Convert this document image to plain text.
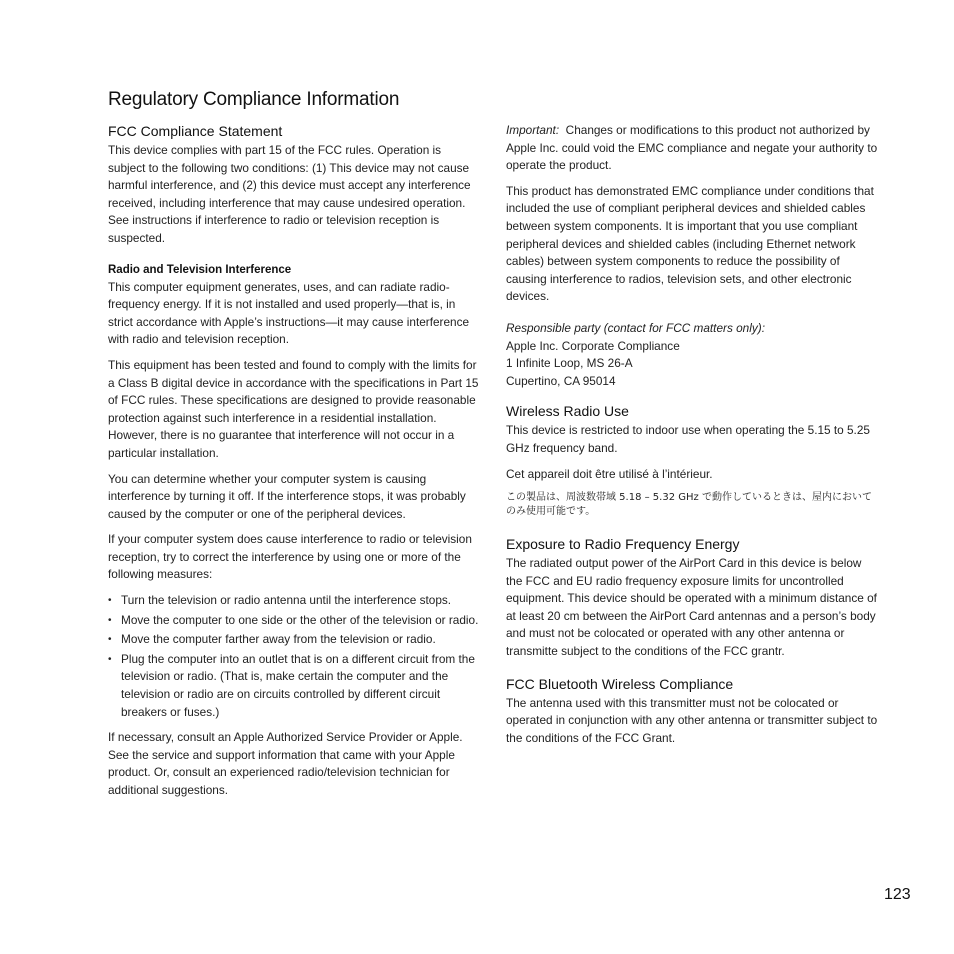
Regulatory Compliance Information
FCC Compliance Statement

This device complies with part 15 of the FCC rules. Operation is subject to the following two conditions: (1) This device may not cause harmful interference, and (2) this device must accept any interference received, including interference that may cause undesired operation. See instructions if interference to radio or television reception is suspected.

Radio and Television Interference

This computer equipment generates, uses, and can radiate radio-frequency energy. If it is not installed and used properly—that is, in strict accordance with Apple’s instructions—it may cause interference with radio and television reception.

This equipment has been tested and found to comply with the limits for a Class B digital device in accordance with the specifications in Part 15 of FCC rules. These specifications are designed to provide reasonable protection against such interference in a residential installation. However, there is no guarantee that interference will not occur in a particular installation.

You can determine whether your computer system is causing interference by turning it off. If the interference stops, it was probably caused by the computer or one of the peripheral devices.

If your computer system does cause interference to radio or television reception, try to correct the interference by using one or more of the following measures:

• Turn the television or radio antenna until the interference stops.
• Move the computer to one side or the other of the television or radio.
• Move the computer farther away from the television or radio.
• Plug the computer into an outlet that is on a different circuit from the television or radio. (That is, make certain the computer and the television or radio are on circuits controlled by different circuit breakers or fuses.)

If necessary, consult an Apple Authorized Service Provider or Apple. See the service and support information that came with your Apple product. Or, consult an experienced radio/television technician for additional suggestions.

Important: Changes or modifications to this product not authorized by Apple Inc. could void the EMC compliance and negate your authority to operate the product.

This product has demonstrated EMC compliance under conditions that included the use of compliant peripheral devices and shielded cables between system components. It is important that you use compliant peripheral devices and shielded cables (including Ethernet network cables) between system components to reduce the possibility of causing interference to radios, television sets, and other electronic devices.

Responsible party (contact for FCC matters only):

Apple Inc. Corporate Compliance

1 Infinite Loop, MS 26-A

Cupertino, CA 95014

Wireless Radio Use

This device is restricted to indoor use when operating the 5.15 to 5.25 GHz frequency band.

Cet appareil doit être utilisé à l’intérieur.

この製品は、周波数帯域 5.18 – 5.32 GHz で動作しているときは、屋内においてのみ使用可能です。

Exposure to Radio Frequency Energy

The radiated output power of the AirPort Card in this device is below the FCC and EU radio frequency exposure limits for uncontrolled equipment. This device should be operated with a minimum distance of at least 20 cm between the AirPort Card antennas and a person’s body and must not be colocated or operated with any other antenna or transmitte subject to the conditions of the FCC grantr.

FCC Bluetooth Wireless Compliance

The antenna used with this transmitter must not be colocated or operated in conjunction with any other antenna or transmitter subject to the conditions of the FCC Grant.

123
